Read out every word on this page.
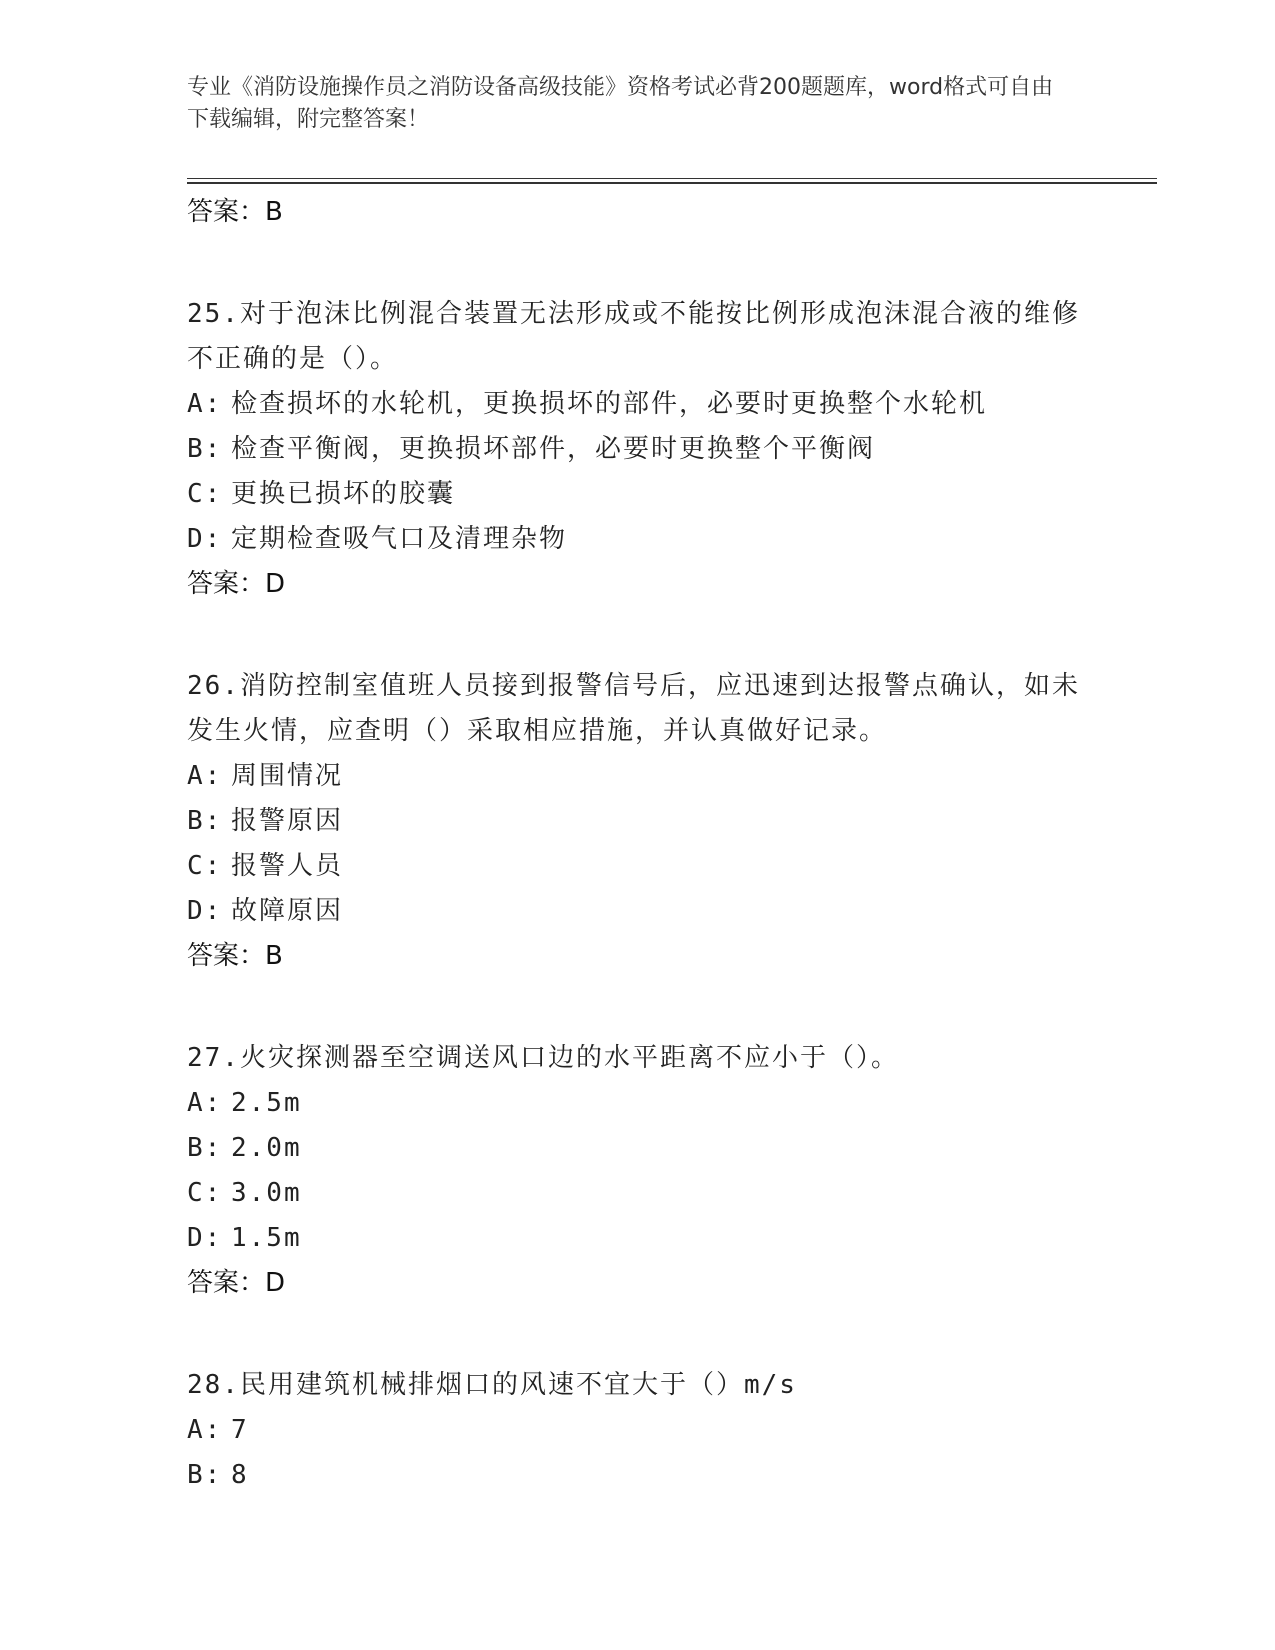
专业《消防设施操作员之消防设备高级技能》资格考试必背200题题库，word格式可自由下载编辑，附完整答案！

答案：B

25.对于泡沫比例混合装置无法形成或不能按比例形成泡沫混合液的维修不正确的是（）。

A: 检查损坏的水轮机，更换损坏的部件，必要时更换整个水轮机

B: 检查平衡阀，更换损坏部件，必要时更换整个平衡阀

C: 更换已损坏的胶囊

D: 定期检查吸气口及清理杂物

答案：D

26.消防控制室值班人员接到报警信号后，应迅速到达报警点确认，如未发生火情，应查明（）采取相应措施，并认真做好记录。

A: 周围情况

B: 报警原因

C: 报警人员

D: 故障原因

答案：B

27.火灾探测器至空调送风口边的水平距离不应小于（）。

A: 2.5m

B: 2.0m

C: 3.0m

D: 1.5m

答案：D

28.民用建筑机械排烟口的风速不宜大于（）m/s

A: 7

B: 8
